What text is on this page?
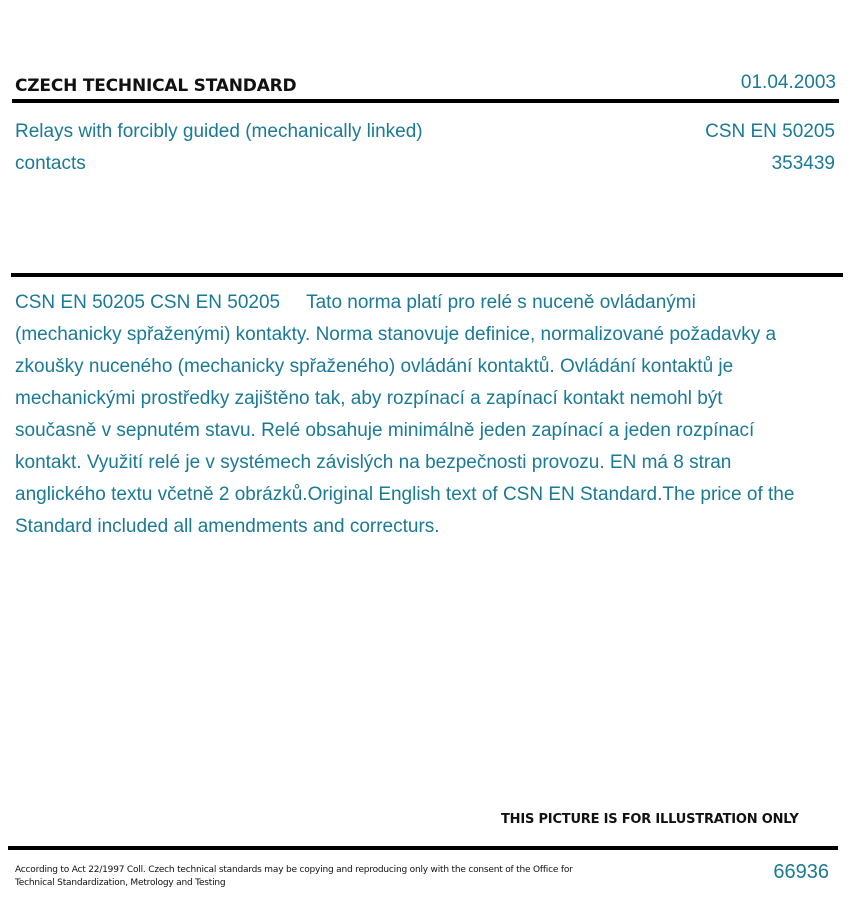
CZECH TECHNICAL STANDARD	01.04.2003
Relays with forcibly guided (mechanically linked) contacts
CSN EN 50205
353439
CSN EN 50205 CSN EN 50205 Tato norma platí pro relé s nuceně ovládanými (mechanicky spřaženými) kontakty. Norma stanovuje definice, normalizované požadavky a zkoušky nuceného (mechanicky spřaženého) ovládání kontaktů. Ovládání kontaktů je mechanickými prostředky zajištěno tak, aby rozpínací a zapínací kontakt nemohl být současně v sepnutém stavu. Relé obsahuje minimálně jeden zapínací a jeden rozpínací kontakt. Využití relé je v systémech závislých na bezpečnosti provozu. EN má 8 stran anglického textu včetně 2 obrázků.Original English text of CSN EN Standard.The price of the Standard included all amendments and correcturs.
THIS PICTURE IS FOR ILLUSTRATION ONLY
According to Act 22/1997 Coll. Czech technical standards may be copying and reproducing only with the consent of the Office for Technical Standardization, Metrology and Testing	66936
